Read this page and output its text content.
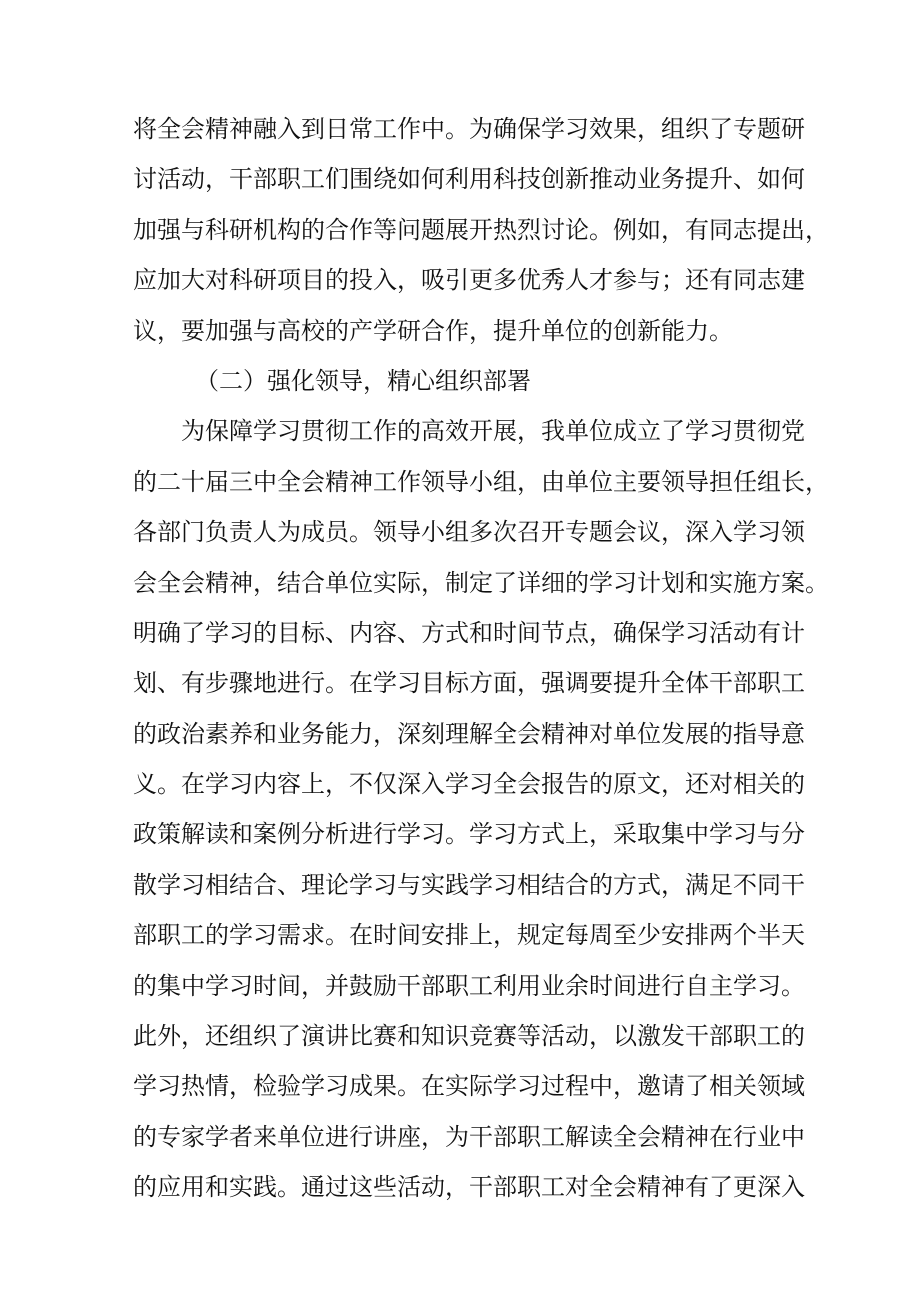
将全会精神融入到日常工作中。为确保学习效果，组织了专题研
讨活动，干部职工们围绕如何利用科技创新推动业务提升、如何
加强与科研机构的合作等问题展开热烈讨论。例如，有同志提出，
应加大对科研项目的投入，吸引更多优秀人才参与；还有同志建
议，要加强与高校的产学研合作，提升单位的创新能力。
（二）强化领导，精心组织部署
为保障学习贯彻工作的高效开展，我单位成立了学习贯彻党
的二十届三中全会精神工作领导小组，由单位主要领导担任组长，
各部门负责人为成员。领导小组多次召开专题会议，深入学习领
会全会精神，结合单位实际，制定了详细的学习计划和实施方案。
明确了学习的目标、内容、方式和时间节点，确保学习活动有计
划、有步骤地进行。在学习目标方面，强调要提升全体干部职工
的政治素养和业务能力，深刻理解全会精神对单位发展的指导意
义。在学习内容上，不仅深入学习全会报告的原文，还对相关的
政策解读和案例分析进行学习。学习方式上，采取集中学习与分
散学习相结合、理论学习与实践学习相结合的方式，满足不同干
部职工的学习需求。在时间安排上，规定每周至少安排两个半天
的集中学习时间，并鼓励干部职工利用业余时间进行自主学习。
此外，还组织了演讲比赛和知识竞赛等活动，以激发干部职工的
学习热情，检验学习成果。在实际学习过程中，邀请了相关领域
的专家学者来单位进行讲座，为干部职工解读全会精神在行业中
的应用和实践。通过这些活动，干部职工对全会精神有了更深入
